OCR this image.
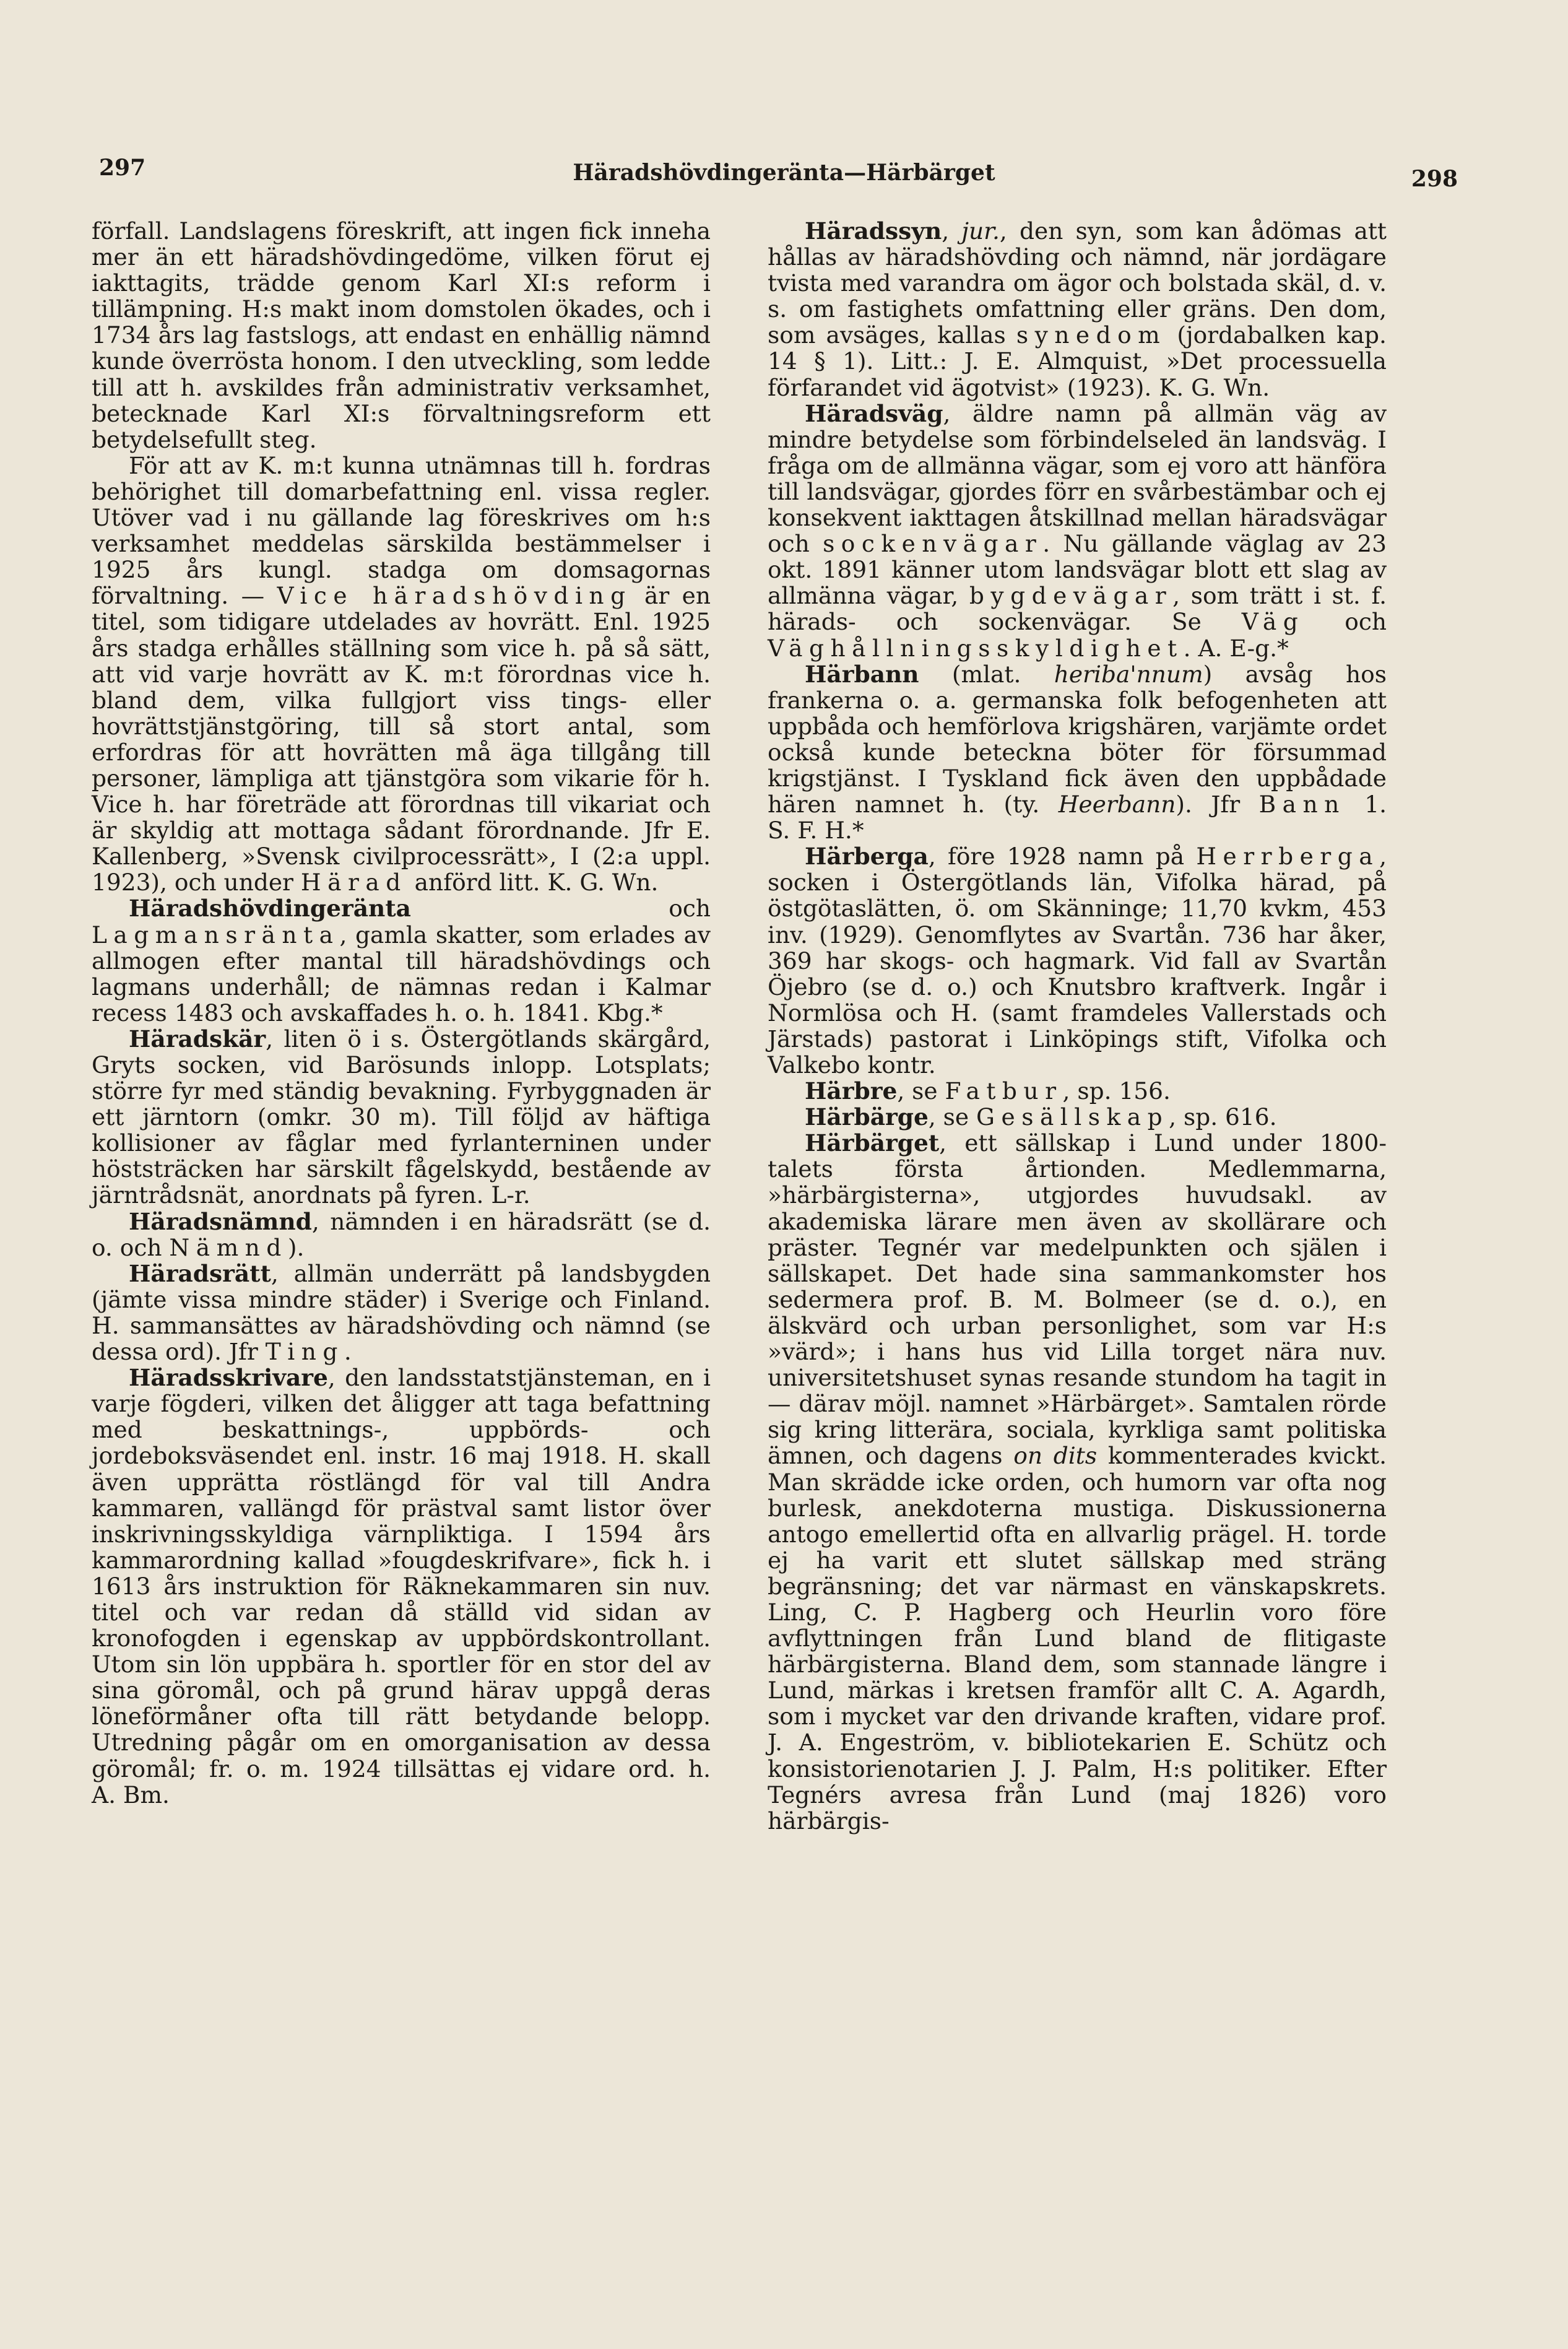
297	Häradshövdingeränta—Härbärget	298

förfall. Landslagens föreskrift, att ingen fick inneha mer än ett häradshövdingedöme, vilken förut ej iakttagits, trädde genom Karl XI:s reform i tillämpning. H:s makt inom domstolen ökades, och i 1734 års lag fastslogs, att endast en enhällig nämnd kunde överrösta honom. I den utveckling, som ledde till att h. avskildes från administrativ verksamhet, betecknade Karl XI:s förvaltningsreform ett betydelsefullt steg.

För att av K. m:t kunna utnämnas till h. fordras behörighet till domarbefattning enl. vissa regler. Utöver vad i nu gällande lag föreskrives om h:s verksamhet meddelas särskilda bestämmelser i 1925 års kungl. stadga om domsagornas förvaltning. — Vice häradshövding är en titel, som tidigare utdelades av hovrätt. Enl. 1925 års stadga erhålles ställning som vice h. på så sätt, att vid varje hovrätt av K. m:t förordnas vice h. bland dem, vilka fullgjort viss tings- eller hovrättstjänstgöring, till så stort antal, som erfordras för att hovrätten må äga tillgång till personer, lämpliga att tjänstgöra som vikarie för h. Vice h. har företräde att förordnas till vikariat och är skyldig att mottaga sådant förordnande. Jfr E. Kallenberg, »Svensk civilprocessrätt», I (2:a uppl. 1923), och under Härad anförd litt. K. G. Wn.

Häradshövdingeränta och Lagmansränta, gamla skatter, som erlades av allmogen efter mantal till häradshövdings och lagmans underhåll; de nämnas redan i Kalmar recess 1483 och avskaffades h. o. h. 1841. Kbg.*

Häradskär, liten ö i s. Östergötlands skärgård, Gryts socken, vid Barösunds inlopp. Lotsplats; större fyr med ständig bevakning. Fyrbyggnaden är ett järntorn (omkr. 30 m). Till följd av häftiga kollisioner av fåglar med fyrlanterninen under höststräcken har särskilt fågelskydd, bestående av järntrådsnät, anordnats på fyren. L-r.

Häradsnämnd, nämnden i en häradsrätt (se d. o. och Nämnd).

Häradsrätt, allmän underrätt på landsbygden (jämte vissa mindre städer) i Sverige och Finland. H. sammansättes av häradshövding och nämnd (se dessa ord). Jfr Ting.

Häradsskrivare, den landsstatstjänsteman, en i varje fögderi, vilken det åligger att taga befattning med beskattnings-, uppbörds- och jordeboksväsendet enl. instr. 16 maj 1918. H. skall även upprätta röstlängd för val till Andra kammaren, vallängd för prästval samt listor över inskrivningsskyldiga värnpliktiga. I 1594 års kammarordning kallad »fougdeskrifvare», fick h. i 1613 års instruktion för Räknekammaren sin nuv. titel och var redan då ställd vid sidan av kronofogden i egenskap av uppbördskontrollant. Utom sin lön uppbära h. sportler för en stor del av sina göromål, och på grund härav uppgå deras löneförmåner ofta till rätt betydande belopp. Utredning pågår om en omorganisation av dessa göromål; fr. o. m. 1924 tillsättas ej vidare ord. h. A. Bm.

Häradssyn, jur., den syn, som kan ådömas att hållas av häradshövding och nämnd, när jordägare tvista med varandra om ägor och bolstada skäl, d. v. s. om fastighets omfattning eller gräns. Den dom, som avsäges, kallas synedom (jordabalken kap. 14 § 1). Litt.: J. E. Almquist, »Det processuella förfarandet vid ägotvist» (1923). K. G. Wn.

Häradsväg, äldre namn på allmän väg av mindre betydelse som förbindelseled än landsväg. I fråga om de allmänna vägar, som ej voro att hänföra till landsvägar, gjordes förr en svårbestämbar och ej konsekvent iakttagen åtskillnad mellan häradsvägar och sockenvägar. Nu gällande väglag av 23 okt. 1891 känner utom landsvägar blott ett slag av allmänna vägar, bygdevägar, som trätt i st. f. härads- och sockenvägar. Se Väg och Väghållningsskyldighet. A. E-g.*

Härbann (mlat. heriba'nnum) avsåg hos frankerna o. a. germanska folk befogenheten att uppbåda och hemförlova krigshären, varjämte ordet också kunde beteckna böter för försummad krigstjänst. I Tyskland fick även den uppbådade hären namnet h. (ty. Heerbann). Jfr Bann 1. S. F. H.*

Härberga, före 1928 namn på Herrberga, socken i Östergötlands län, Vifolka härad, på östgötaslätten, ö. om Skänninge; 11,70 kvkm, 453 inv. (1929). Genomflytes av Svartån. 736 har åker, 369 har skogs- och hagmark. Vid fall av Svartån Öjebro (se d. o.) och Knutsbro kraftverk. Ingår i Normlösa och H. (samt framdeles Vallerstads och Järstads) pastorat i Linköpings stift, Vifolka och Valkebo kontr.

Härbre, se Fatbur, sp. 156.

Härbärge, se Gesällskap, sp. 616.

Härbärget, ett sällskap i Lund under 1800-talets första årtionden. Medlemmarna, »härbärgisterna», utgjordes huvudsakl. av akademiska lärare men även av skollärare och präster. Tegnér var medelpunkten och själen i sällskapet. Det hade sina sammankomster hos sedermera prof. B. M. Bolmeer (se d. o.), en älskvärd och urban personlighet, som var H:s »värd»; i hans hus vid Lilla torget nära nuv. universitetshuset synas resande stundom ha tagit in — därav möjl. namnet »Härbärget». Samtalen rörde sig kring litterära, sociala, kyrkliga samt politiska ämnen, och dagens on dits kommenterades kvickt. Man skrädde icke orden, och humorn var ofta nog burlesk, anekdoterna mustiga. Diskussionerna antogo emellertid ofta en allvarlig prägel. H. torde ej ha varit ett slutet sällskap med sträng begränsning; det var närmast en vänskapskrets. Ling, C. P. Hagberg och Heurlin voro före avflyttningen från Lund bland de flitigaste härbärgisterna. Bland dem, som stannade längre i Lund, märkas i kretsen framför allt C. A. Agardh, som i mycket var den drivande kraften, vidare prof. J. A. Engeström, v. bibliotekarien E. Schütz och konsistorienotarien J. J. Palm, H:s politiker. Efter Tegnérs avresa från Lund (maj 1826) voro härbärgis-
